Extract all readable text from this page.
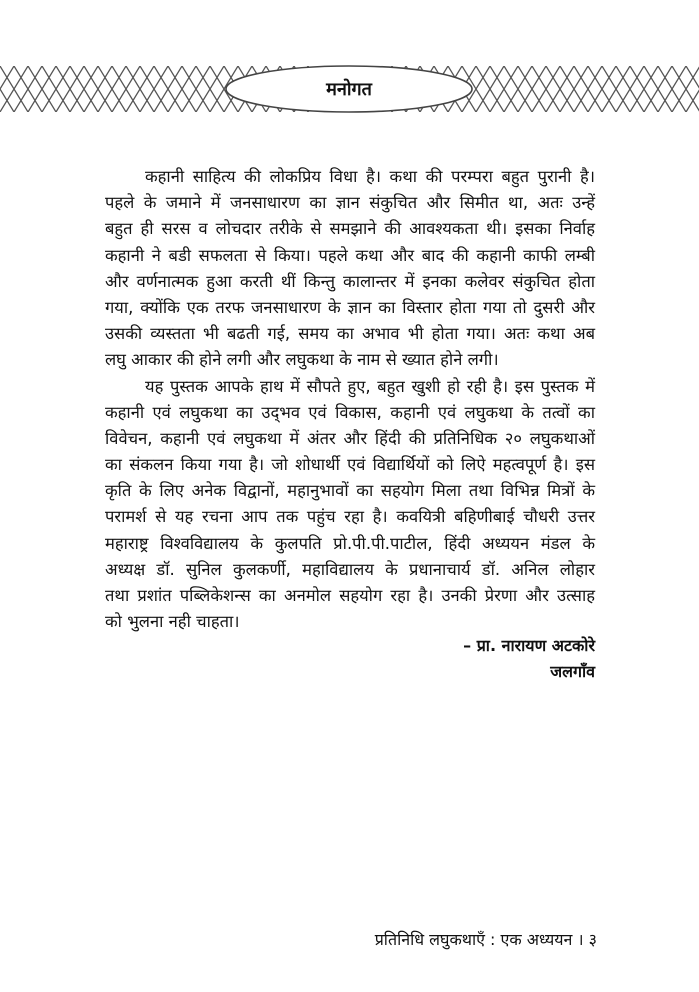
मनोगत
कहानी साहित्य की लोकप्रिय विधा है। कथा की परम्परा बहुत पुरानी है।
पहले के जमाने में जनसाधारण का ज्ञान संकुचित और सिमीत था, अतः उन्हें
बहुत ही सरस व लोचदार तरीके से समझाने की आवश्यकता थी। इसका निर्वाह
कहानी ने बडी सफलता से किया। पहले कथा और बाद की कहानी काफी लम्बी
और वर्णनात्मक हुआ करती थीं किन्तु कालान्तर में इनका कलेवर संकुचित होता
गया, क्योंकि एक तरफ जनसाधारण के ज्ञान का विस्तार होता गया तो दुसरी और
उसकी व्यस्तता भी बढती गई, समय का अभाव भी होता गया। अतः कथा अब
लघु आकार की होने लगी और लघुकथा के नाम से ख्यात होने लगी।
यह पुस्तक आपके हाथ में सौपते हुए, बहुत खुशी हो रही है। इस पुस्तक में
कहानी एवं लघुकथा का उद्‌भव एवं विकास, कहानी एवं लघुकथा के तत्वों का
विवेचन, कहानी एवं लघुकथा में अंतर और हिंदी की प्रतिनिधिक २० लघुकथाओं
का संकलन किया गया है। जो शोधार्थी एवं विद्यार्थियों को लिऐ महत्वपूर्ण है। इस
कृति के लिए अनेक विद्वानों, महानुभावों का सहयोग मिला तथा विभिन्न मित्रों के
परामर्श से यह रचना आप तक पहुंच रहा है। कवयित्री बहिणीबाई चौधरी उत्तर
महाराष्ट्र विश्वविद्यालय के कुलपति प्रो.पी.पी.पाटील, हिंदी अध्ययन मंडल के
अध्यक्ष डॉ. सुनिल कुलकर्णी, महाविद्यालय के प्रधानाचार्य डॉ. अनिल लोहार
तथा प्रशांत पब्लिकेशन्स का अनमोल सहयोग रहा है। उनकी प्रेरणा और उत्साह
को भुलना नही चाहता।
– प्रा. नारायण अटकोरे
जलगाँव
प्रतिनिधि लघुकथाएँ : एक अध्ययन । ३
